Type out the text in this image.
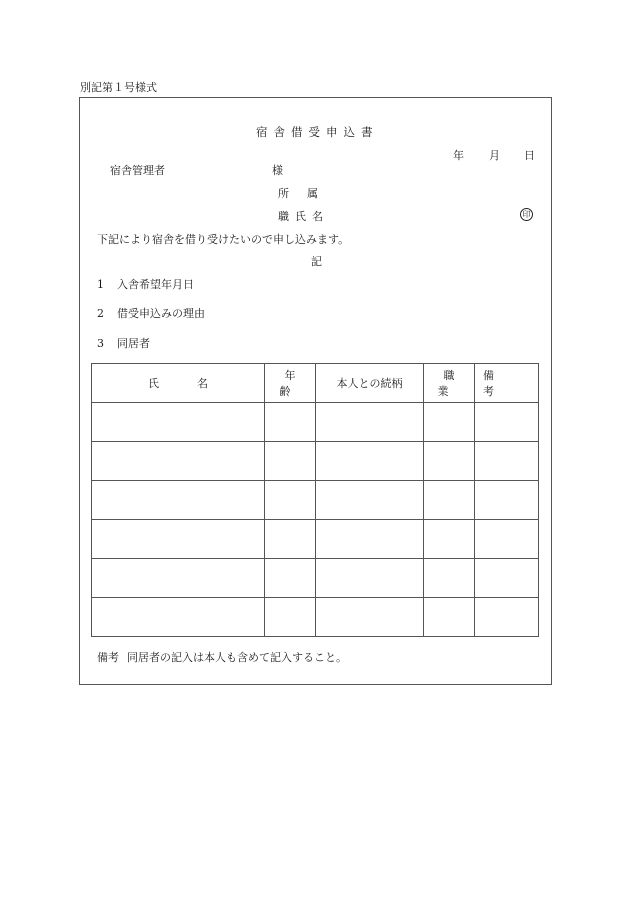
別記第１号様式
宿舎借受申込書
年 月 日
宿舎管理者	様
所属
職氏名	印
下記により宿舎を借り受けたいので申し込みます。
記
1 入舎希望年月日
2 借受申込みの理由
3 同居者
氏名	年齢	本人との続柄	職業	備考

備考 同居者の記入は本人も含めて記入すること。
